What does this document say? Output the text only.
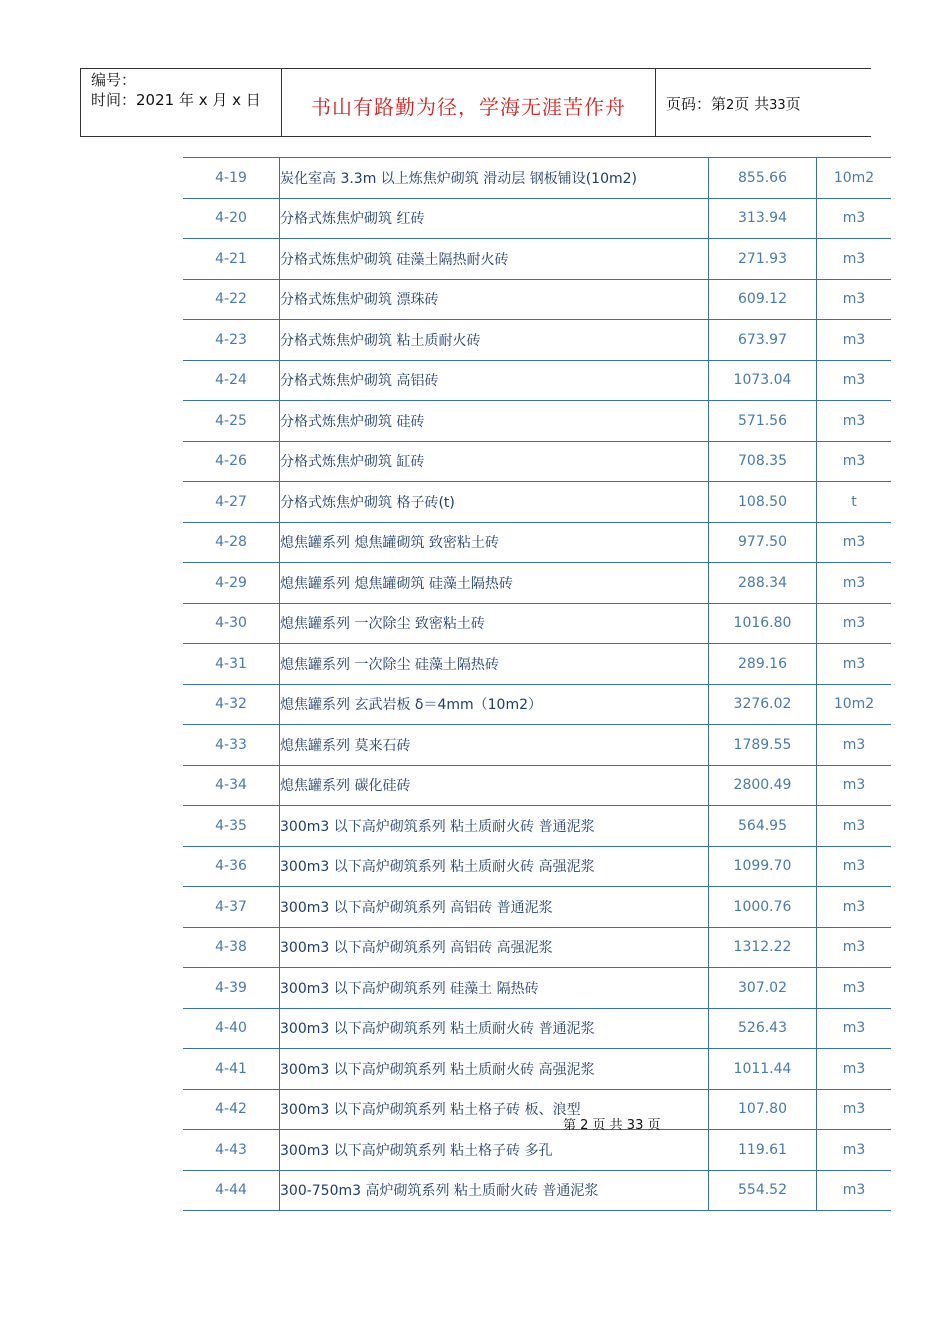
编号：
时间：2021 年 x 月 x 日	书山有路勤为径，学海无涯苦作舟	页码：第2页 共33页
4-19	炭化室高 3.3m 以上炼焦炉砌筑 滑动层 钢板铺设(10m2)	855.66	10m2
4-20	分格式炼焦炉砌筑 红砖	313.94	m3
4-21	分格式炼焦炉砌筑 硅藻土隔热耐火砖	271.93	m3
4-22	分格式炼焦炉砌筑 漂珠砖	609.12	m3
4-23	分格式炼焦炉砌筑 粘土质耐火砖	673.97	m3
4-24	分格式炼焦炉砌筑 高铝砖	1073.04	m3
4-25	分格式炼焦炉砌筑 硅砖	571.56	m3
4-26	分格式炼焦炉砌筑 缸砖	708.35	m3
4-27	分格式炼焦炉砌筑 格子砖(t)	108.50	t
4-28	熄焦罐系列 熄焦罐砌筑 致密粘土砖	977.50	m3
4-29	熄焦罐系列 熄焦罐砌筑 硅藻土隔热砖	288.34	m3
4-30	熄焦罐系列 一次除尘 致密粘土砖	1016.80	m3
4-31	熄焦罐系列 一次除尘 硅藻土隔热砖	289.16	m3
4-32	熄焦罐系列 玄武岩板 δ＝4mm（10m2）	3276.02	10m2
4-33	熄焦罐系列 莫来石砖	1789.55	m3
4-34	熄焦罐系列 碳化硅砖	2800.49	m3
4-35	300m3 以下高炉砌筑系列 粘土质耐火砖 普通泥浆	564.95	m3
4-36	300m3 以下高炉砌筑系列 粘土质耐火砖 高强泥浆	1099.70	m3
4-37	300m3 以下高炉砌筑系列 高铝砖 普通泥浆	1000.76	m3
4-38	300m3 以下高炉砌筑系列 高铝砖 高强泥浆	1312.22	m3
4-39	300m3 以下高炉砌筑系列 硅藻土 隔热砖	307.02	m3
4-40	300m3 以下高炉砌筑系列 粘土质耐火砖 普通泥浆	526.43	m3
4-41	300m3 以下高炉砌筑系列 粘土质耐火砖 高强泥浆	1011.44	m3
4-42	300m3 以下高炉砌筑系列 粘土格子砖 板、浪型	107.80	m3
4-43	300m3 以下高炉砌筑系列 粘土格子砖 多孔	119.61	m3
4-44	300-750m3 高炉砌筑系列 粘土质耐火砖 普通泥浆	554.52	m3
第 2 页 共 33 页
